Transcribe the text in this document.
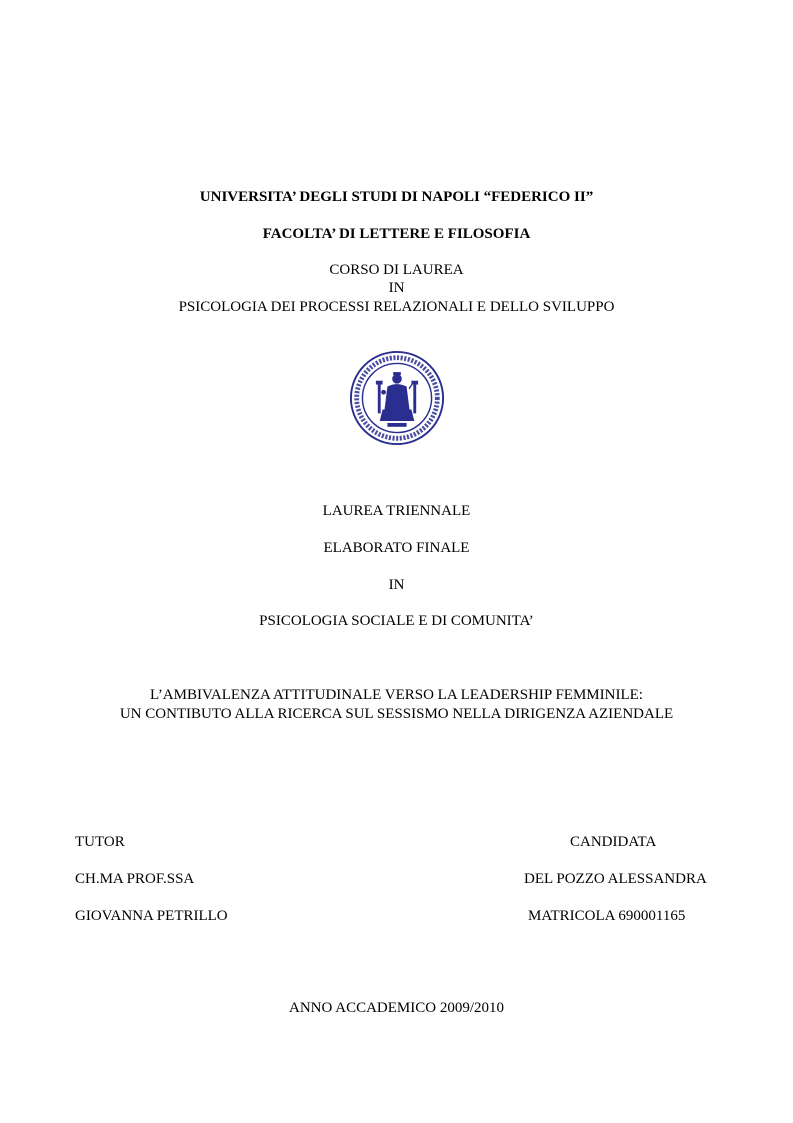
UNIVERSITA’ DEGLI STUDI DI NAPOLI “FEDERICO II”
FACOLTA’ DI LETTERE E FILOSOFIA
CORSO DI LAUREA
IN
PSICOLOGIA DEI PROCESSI RELAZIONALI E DELLO SVILUPPO
LAUREA TRIENNALE
ELABORATO FINALE
IN
PSICOLOGIA SOCIALE E DI COMUNITA’
L’AMBIVALENZA ATTITUDINALE VERSO LA LEADERSHIP FEMMINILE:
UN CONTIBUTO ALLA RICERCA SUL SESSISMO NELLA DIRIGENZA AZIENDALE
TUTOR
CH.MA PROF.SSA
GIOVANNA PETRILLO
CANDIDATA
DEL POZZO ALESSANDRA
MATRICOLA 690001165
ANNO ACCADEMICO 2009/2010
